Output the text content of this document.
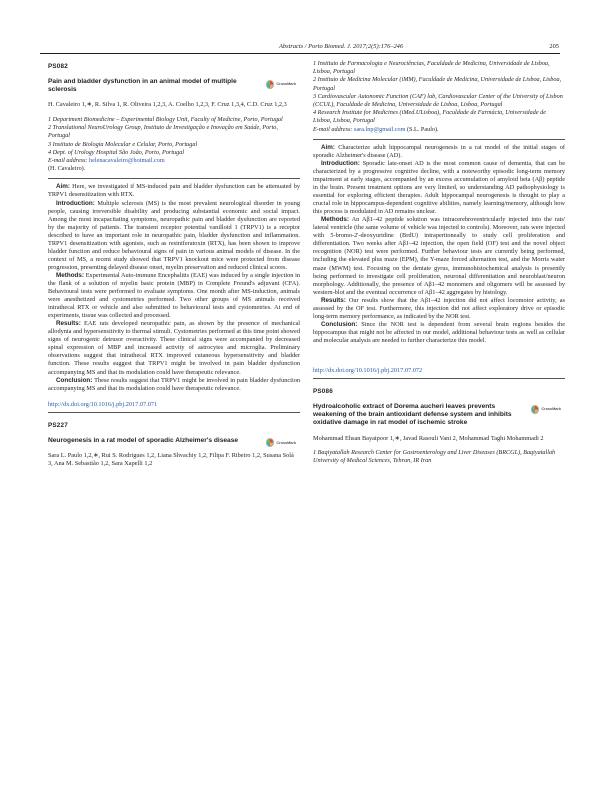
Abstracts / Porto Biomed. J. 2017;2(5):176–246	205
PS082

Pain and bladder dysfunction in an animal model of multiple sclerosis

CrossMark

H. Cavaleiro 1,∗, R. Silva 1, R. Oliveira 1,2,3, A. Coelho 1,2,3, F. Cruz 1,3,4, C.D. Cruz 1,2,3

1 Department Biomedicine – Experimental Biology Unit, Faculty of Medicine, Porto, Portugal

2 Translational NeuroUrology Group, Instituto de Investigação e Inovação em Saúde, Porto, Portugal

3 Instituto de Biologia Molecular e Celular, Porto, Portugal

4 Dept. of Urology Hospital São João, Porto, Portugal

E-mail address: helenacavaleiro@hotmail.com
(H. Cavaleiro).

Aim: Here, we investigated if MS-induced pain and bladder dysfunction can be attenuated by TRPV1 desensitization with RTX.

Introduction: Multiple sclerosis (MS) is the most prevalent neurological disorder in young people, causing irreversible disability and producing substantial economic and social impact. Among the most incapacitating symptoms, neuropathic pain and bladder dysfunction are reported by the majority of patients. The transient receptor potential vanilloid 1 (TRPV1) is a receptor described to have an important role in neuropathic pain, bladder dysfunction and inflammation. TRPV1 desensitization with agonists, such as resiniferatoxin (RTX), has been shown to improve bladder function and reduce behavioural signs of pain in various animal models of disease. In the context of MS, a recent study showed that TRPV1 knockout mice were protected from disease progression, presenting delayed disease onset, myelin preservation and reduced clinical scores.

Methods: Experimental Auto-immune Encephalitis (EAE) was induced by a single injection in the flank of a solution of myelin basic protein (MBP) in Complete Freund's adjuvant (CFA). Behavioural tests were performed to evaluate symptoms. One month after MS-induction, animals were anesthetized and cystometries performed. Two other groups of MS animals received intrathecal RTX or vehicle and also submitted to behavioural tests and cystometries. At end of experiments, tissue was collected and processed.

Results: EAE rats developed neuropathic pain, as shown by the presence of mechanical allodynia and hypersensitivity to thermal stimuli. Cystometries performed at this time point showed signs of neurogenic detrusor overactivity. These clinical signs were accompanied by decreased spinal expression of MBP and increased activity of astrocytes and microglia. Preliminary observations suggest that intrathecal RTX improved cutaneous hypersensitivity and bladder function. These results suggest that TRPV1 might be involved in pain bladder dysfunction accompanying MS and that its modulation could have therapeutic relevance.

Conclusion: These results suggest that TRPV1 might be involved in pain bladder dysfunction accompanying MS and that its modulation could have therapeutic relevance.

http://dx.doi.org/10.1016/j.pbj.2017.07.071
PS227

Neurogenesis in a rat model of sporadic Alzheimer's disease	CrossMark

Sara L. Paulo 1,2,∗, Rui S. Rodrigues 1,2, Liana Shvachiy 1,2, Filipa F. Ribeiro 1,2, Susana Solá 3, Ana M. Sebastião 1,2, Sara Xapelli 1,2

1 Instituto de Farmacologia e Neurociências, Faculdade de Medicina, Universidade de Lisboa, Lisboa, Portugal

2 Instituto de Medicina Molecular (iMM), Faculdade de Medicina, Universidade de Lisboa, Lisboa, Portugal

3 Cardiovascular Autonomic Function (CAF) lab, Cardiovascular Center of the University of Lisbon (CCUL), Faculdade de Medicina, Universidade de Lisboa, Lisboa, Portugal

4 Research Institute for Medicines (iMed.ULisboa), Faculdade de Farmácia, Universidade de Lisboa, Lisboa, Portugal

E-mail address: sara.lnp@gmail.com (S.L. Paulo).

Aim: Characterize adult hippocampal neurogenesis in a rat model of the initial stages of sporadic Alzheimer's disease (AD).

Introduction: Sporadic late-onset AD is the most common cause of dementia, that can be characterized by a progressive cognitive decline, with a noteworthy episodic long-term memory impairment at early stages, accompanied by an excess accumulation of amyloid beta (Aβ) peptide in the brain. Present treatment options are very limited, so understanding AD pathophysiology is essential for exploring efficient therapies. Adult hippocampal neurogenesis is thought to play a crucial role in hippocampus-dependent cognitive abilities, namely learning/memory, although how this process is modulated in AD remains unclear.

Methods: An Aβ1–42 peptide solution was intracerebroventricularly injected into the rats' lateral ventricle (the same volume of vehicle was injected to controls). Moreover, rats were injected with 5-bromo-2'-deoxyuridine (BrdU) intraperitoneally to study cell proliferation and differentiation. Two weeks after Aβ1–42 injection, the open field (OF) test and the novel object recognition (NOR) test were performed. Further behaviour tests are currently being performed, including the elevated plus maze (EPM), the Y-maze forced alternation test, and the Morris water maze (MWM) test. Focusing on the dentate gyrus, immunohistochemical analysis is presently being performed to investigate cell proliferation, neuronal differentiation and neuroblast/neuron morphology. Additionally, the presence of Aβ1–42 monomers and oligomers will be assessed by western-blot and the eventual occurrence of Aβ1–42 aggregates by histology.

Results: Our results show that the Aβ1–42 injection did not affect locomotor activity, as assessed by the OF test. Furthermore, this injection did not affect exploratory drive or episodic long-term memory performance, as indicated by the NOR test.

Conclusion: Since the NOR test is dependent from several brain regions besides the hippocampus that might not be affected in our model, additional behaviour tests as well as cellular and molecular analysis are needed to further characterize this model.

http://dx.doi.org/10.1016/j.pbj.2017.07.072
PS086

Hydroalcoholic extract of Dorema aucheri leaves prevents weakening of the brain antioxidant defense system and inhibits oxidative damage in rat model of ischemic stroke

CrossMark

Mohammad Ehsan Bayatpoor 1,∗, Javad Rasouli Vani 2, Mohammad Taghi Mohammadi 2

1 Baqiyatallah Research Center for Gastroenterology and Liver Diseases (BRCGL), Baqiyatallah University of Medical Sciences, Tehran, IR Iran
